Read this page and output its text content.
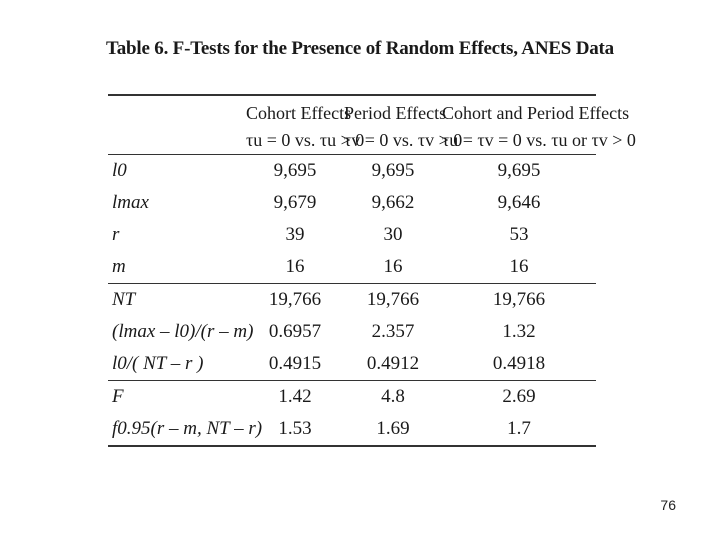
Table 6. F-Tests for the Presence of Random Effects, ANES Data

	Cohort Effects	Period Effects	Cohort and Period Effects
	τu = 0 vs. τu > 0	τv = 0 vs. τv > 0	τu = τv = 0 vs. τu or τv > 0
l0	9,695	9,695	9,695
lmax	9,679	9,662	9,646
r	39	30	53
m	16	16	16
NT	19,766	19,766	19,766
(lmax – l0)/(r – m)	0.6957	2.357	1.32
l0/( NT – r )	0.4915	0.4912	0.4918
F	1.42	4.8	2.69
f0.95(r – m, NT – r)	1.53	1.69	1.7
76
